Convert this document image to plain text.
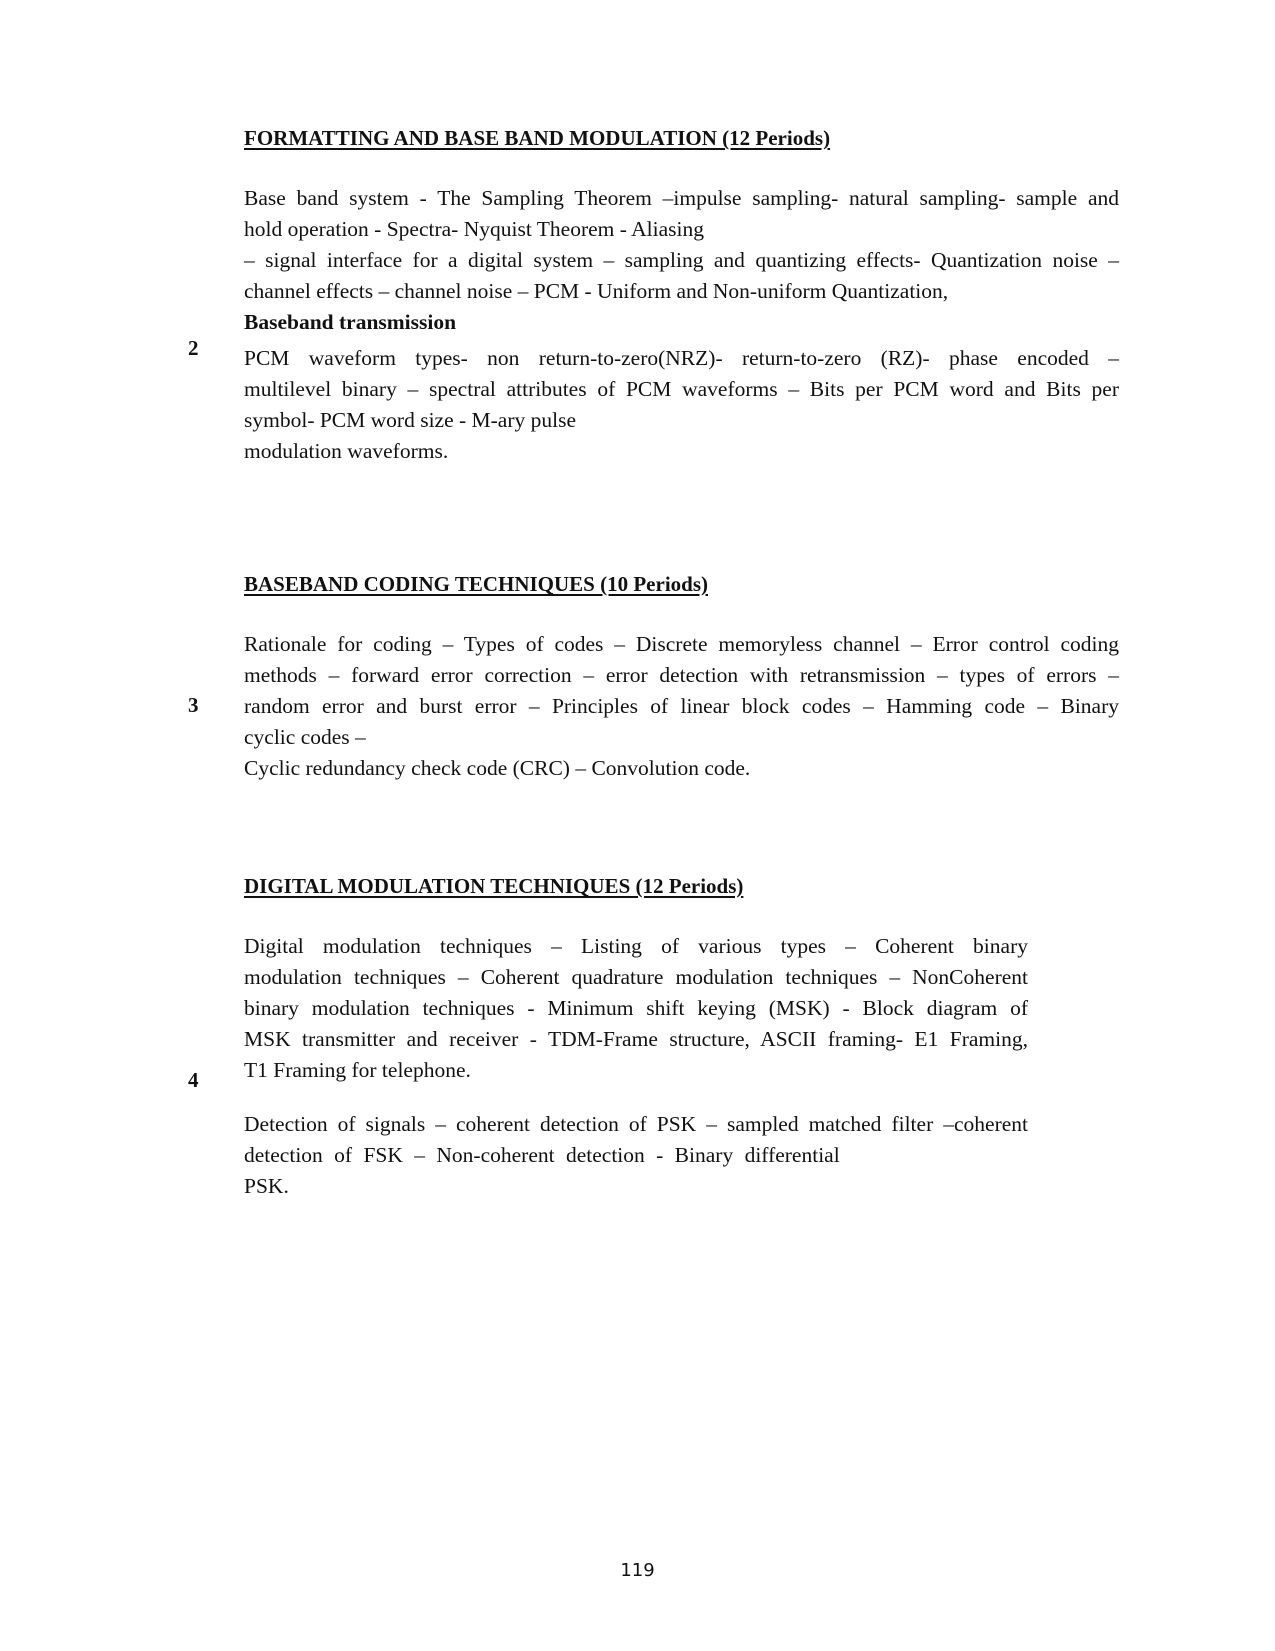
FORMATTING AND BASE BAND MODULATION (12 Periods)
Base band system - The Sampling Theorem –impulse sampling- natural sampling- sample and
hold operation - Spectra- Nyquist Theorem - Aliasing
– signal interface for a digital system – sampling and quantizing effects- Quantization noise –
channel effects – channel noise – PCM - Uniform and Non-uniform Quantization,
Baseband transmission
2 PCM waveform types- non return-to-zero(NRZ)- return-to-zero (RZ)- phase encoded –
multilevel binary – spectral attributes of PCM waveforms – Bits per PCM word and Bits per
symbol- PCM word size - M-ary pulse
modulation waveforms.
BASEBAND CODING TECHNIQUES (10 Periods)
Rationale for coding – Types of codes – Discrete memoryless channel – Error control coding
methods – forward error correction – error detection with retransmission – types of errors –
random error and burst error – Principles of linear block codes – Hamming code – Binary
cyclic codes –
Cyclic redundancy check code (CRC) – Convolution code.
3
DIGITAL MODULATION TECHNIQUES (12 Periods)
Digital modulation techniques – Listing of various types – Coherent binary
modulation techniques – Coherent quadrature modulation techniques – NonCoherent
binary modulation techniques - Minimum shift keying (MSK) - Block diagram of
MSK transmitter and receiver - TDM-Frame structure, ASCII framing- E1 Framing,
T1 Framing for telephone.
4
Detection of signals – coherent detection of PSK – sampled matched filter –coherent
detection of FSK – Non-coherent detection - Binary differential
PSK.
119
